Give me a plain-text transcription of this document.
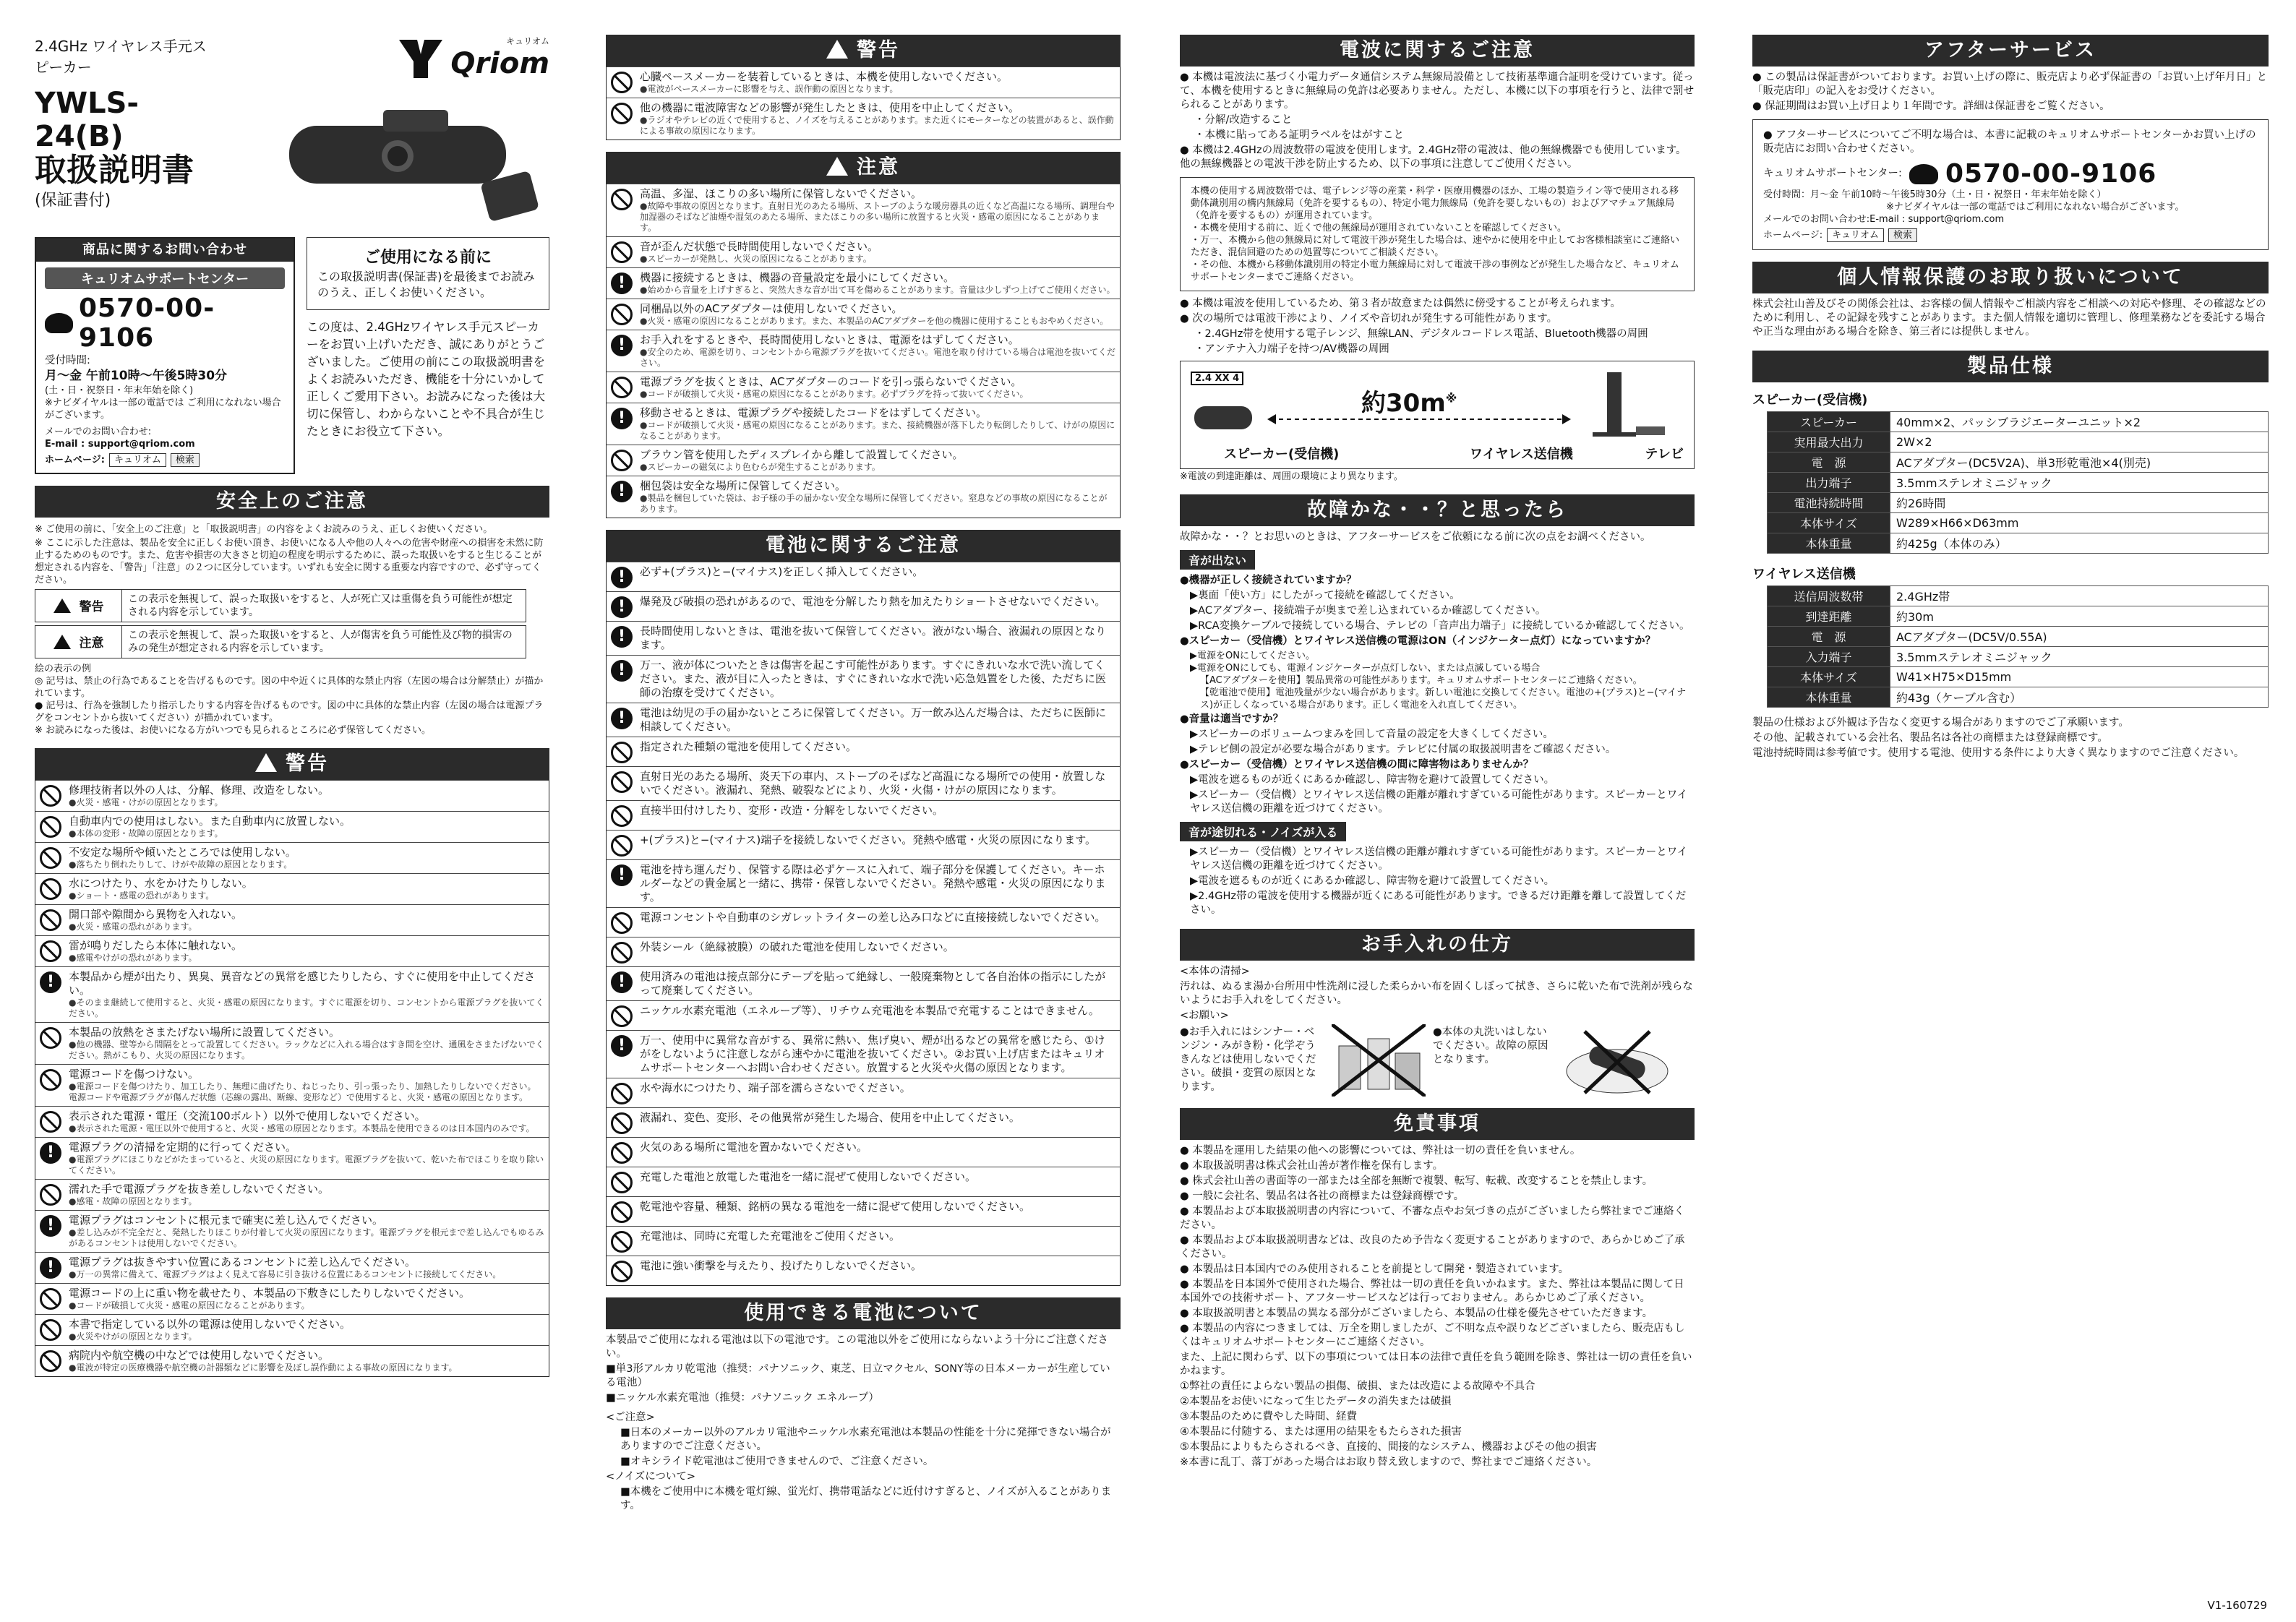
2.4GHz ワイヤレス手元スピーカー
YWLS-24(B)
取扱説明書
(保証書付)
キュリオム
Qriom

商品に関するお問い合わせ
キュリオムサポートセンター
0570-00-9106
受付時間:
月～金 午前10時～午後5時30分
(土・日・祝祭日・年末年始を除く)
※ナビダイヤルは一部の電話では ご利用になれない場合がございます。
メールでのお問い合わせ:
E-mail : support@qriom.com
ホームページ:	キュリオム	検索
ご使用になる前に
この取扱説明書(保証書)を最後までお読みのうえ、正しくお使いください。
この度は、2.4GHzワイヤレス手元スピーカーをお買い上げいただき、誠にありがとうございました。ご使用の前にこの取扱説明書をよくお読みいただき、機能を十分にいかして正しくご愛用下さい。お読みになった後は大切に保管し、わからないことや不具合が生じたときにお役立て下さい。
安全上のご注意
※ ご使用の前に、「安全上のご注意」と「取扱説明書」の内容をよくお読みのうえ、正しくお使いください。
※ ここに示した注意は、製品を安全に正しくお使い頂き、お使いになる人や他の人々への危害や財産への損害を未然に防止するためのものです。また、危害や損害の大きさと切迫の程度を明示するために、誤った取扱いをすると生じることが想定される内容を、「警告」「注意」の２つに区分しています。いずれも安全に関する重要な内容ですので、必ず守ってください。
警告
この表示を無視して、誤った取扱いをすると、人が死亡又は重傷を負う可能性が想定される内容を示しています。
注意
この表示を無視して、誤った取扱いをすると、人が傷害を負う可能性及び物的損害のみの発生が想定される内容を示しています。
絵の表示の例
◎ 記号は、禁止の行為であることを告げるものです。図の中や近くに具体的な禁止内容（左図の場合は分解禁止）が描かれています。
● 記号は、行為を強制したり指示したりする内容を告げるものです。図の中に具体的な禁止内容（左図の場合は電源プラグをコンセントから抜いてください）が描かれています。
※ お読みになった後は、お使いになる方がいつでも見られるところに必ず保管してください。
警告
修理技術者以外の人は、分解、修理、改造をしない。
●火災・感電・けがの原因となります。
自動車内での使用はしない。また自動車内に放置しない。
●本体の変形・故障の原因となります。
不安定な場所や傾いたところでは使用しない。
●落ちたり倒れたりして、けがや故障の原因となります。
水につけたり、水をかけたりしない。
●ショート・感電の恐れがあります。
開口部や隙間から異物を入れない。
●火災・感電の恐れがあります。
雷が鳴りだしたら本体に触れない。
●感電やけがの恐れがあります。
!
本製品から煙が出たり、異臭、異音などの異常を感じたりしたら、すぐに使用を中止してください。
●そのまま継続して使用すると、火災・感電の原因になります。すぐに電源を切り、コンセントから電源プラグを抜いてください。
本製品の放熱をさまたげない場所に設置してください。
●他の機器、壁等から間隔をとって設置してください。ラックなどに入れる場合はすき間を空け、通風をさまたげないでください。熱がこもり、火災の原因になります。
電源コードを傷つけない。
●電源コードを傷つけたり、加工したり、無理に曲げたり、ねじったり、引っ張ったり、加熱したりしないでください。電源コードや電源プラグが傷んだ状態（芯線の露出、断線、変形など）で使用すると、火災・感電の原因となります。
表示された電源・電圧（交流100ボルト）以外で使用しないでください。
●表示された電源・電圧以外で使用すると、火災・感電の原因となります。本製品を使用できるのは日本国内のみです。
!
電源プラグの清掃を定期的に行ってください。
●電源プラグにほこりなどがたまっていると、火災の原因になります。電源プラグを抜いて、乾いた布でほこりを取り除いてください。
濡れた手で電源プラグを抜き差ししないでください。
●感電・故障の原因となります。
!
電源プラグはコンセントに根元まで確実に差し込んでください。
●差し込みが不完全だと、発熱したりほこりが付着して火災の原因になります。電源プラグを根元まで差し込んでもゆるみがあるコンセントは使用しないでください。
!
電源プラグは抜きやすい位置にあるコンセントに差し込んでください。
●万一の異常に備えて、電源プラグはよく見えて容易に引き抜ける位置にあるコンセントに接続してください。
電源コードの上に重い物を載せたり、本製品の下敷きにしたりしないでください。
●コードが破損して火災・感電の原因になることがあります。
本書で指定している以外の電源は使用しないでください。
●火災やけがの原因となります。
病院内や航空機の中などでは使用しないでください。
●電波が特定の医療機器や航空機の計器類などに影響を及ぼし誤作動による事故の原因になります。
警告
心臓ペースメーカーを装着しているときは、本機を使用しないでください。
●電波がペースメーカーに影響を与え、誤作動の原因となります。
他の機器に電波障害などの影響が発生したときは、使用を中止してください。
●ラジオやテレビの近くで使用すると、ノイズを与えることがあります。また近くにモーターなどの装置があると、誤作動による事故の原因になります。
注意
高温、多湿、ほこりの多い場所に保管しないでください。
●故障や事故の原因となります。直射日光のあたる場所、ストーブのような暖房器具の近くなど高温になる場所、調理台や加湿器のそばなど油煙や湿気のあたる場所、またほこりの多い場所に放置すると火災・感電の原因になることがあります。
音が歪んだ状態で長時間使用しないでください。
●スピーカーが発熱し、火災の原因になることがあります。
!
機器に接続するときは、機器の音量設定を最小にしてください。
●始めから音量を上げすぎると、突然大きな音が出て耳を傷めることがあります。音量は少しずつ上げてご使用ください。
同梱品以外のACアダプターは使用しないでください。
●火災・感電の原因になることがあります。また、本製品のACアダプターを他の機器に使用することもおやめください。
!
お手入れをするときや、長時間使用しないときは、電源をはずしてください。
●安全のため、電源を切り、コンセントから電源プラグを抜いてください。電池を取り付けている場合は電池を抜いてください。
電源プラグを抜くときは、ACアダプターのコードを引っ張らないでください。
●コードが破損して火災・感電の原因になることがあります。必ずプラグを持って抜いてください。
!
移動させるときは、電源プラグや接続したコードをはずしてください。
●コードが破損して火災・感電の原因になることがあります。また、接続機器が落下したり転倒したりして、けがの原因になることがあります。
ブラウン管を使用したディスプレイから離して設置してください。
●スピーカーの磁気により色むらが発生することがあります。
!
梱包袋は安全な場所に保管してください。
●製品を梱包していた袋は、お子様の手の届かない安全な場所に保管してください。窒息などの事故の原因になることがあります。
電池に関するご注意
!
必ず+(プラス)と−(マイナス)を正しく挿入してください。
!
爆発及び破損の恐れがあるので、電池を分解したり熱を加えたりショートさせないでください。
!
長時間使用しないときは、電池を抜いて保管してください。液がない場合、液漏れの原因となります。
!
万一、液が体についたときは傷害を起こす可能性があります。すぐにきれいな水で洗い流してください。また、液が目に入ったときは、すぐにきれいな水で洗い応急処置をした後、ただちに医師の治療を受けてください。
!
電池は幼児の手の届かないところに保管してください。万一飲み込んだ場合は、ただちに医師に相談してください。
指定された種類の電池を使用してください。
直射日光のあたる場所、炎天下の車内、ストーブのそばなど高温になる場所での使用・放置しないでください。液漏れ、発熱、破裂などにより、火災・火傷・けがの原因になります。
直接半田付けしたり、変形・改造・分解をしないでください。
+(プラス)と−(マイナス)端子を接続しないでください。発熱や感電・火災の原因になります。
!
電池を持ち運んだり、保管する際は必ずケースに入れて、端子部分を保護してください。キーホルダーなどの貴金属と一緒に、携帯・保管しないでください。発熱や感電・火災の原因になります。
電源コンセントや自動車のシガレットライターの差し込み口などに直接接続しないでください。
外装シール（絶縁被膜）の破れた電池を使用しないでください。
!
使用済みの電池は接点部分にテープを貼って絶縁し、一般廃棄物として各自治体の指示にしたがって廃棄してください。
ニッケル水素充電池（エネループ等）、リチウム充電池を本製品で充電することはできません。
!
万一、使用中に異常な音がする、異常に熱い、焦げ臭い、煙が出るなどの異常を感じたら、①けがをしないように注意しながら速やかに電池を抜いてください。②お買い上げ店またはキュリオムサポートセンターへお問い合わせください。放置すると火災や火傷の原因となります。
水や海水につけたり、端子部を濡らさないでください。
液漏れ、変色、変形、その他異常が発生した場合、使用を中止してください。
火気のある場所に電池を置かないでください。
充電した電池と放電した電池を一緒に混ぜて使用しないでください。
乾電池や容量、種類、銘柄の異なる電池を一緒に混ぜて使用しないでください。
充電池は、同時に充電した充電池をご使用ください。
電池に強い衝撃を与えたり、投げたりしないでください。
使用できる電池について
本製品でご使用になれる電池は以下の電池です。この電池以外をご使用にならないよう十分にご注意ください。
■単3形アルカリ乾電池（推奨：パナソニック、東芝、日立マクセル、SONY等の日本メーカーが生産している電池）
■ニッケル水素充電池（推奨：パナソニック エネループ）
<ご注意>
■日本のメーカー以外のアルカリ電池やニッケル水素充電池は本製品の性能を十分に発揮できない場合がありますのでご注意ください。
■オキシライド乾電池はご使用できませんので、ご注意ください。
<ノイズについて>
■本機をご使用中に本機を電灯線、蛍光灯、携帯電話などに近付けすぎると、ノイズが入ることがあります。
電波に関するご注意
● 本機は電波法に基づく小電力データ通信システム無線局設備として技術基準適合証明を受けています。従って、本機を使用するときに無線局の免許は必要ありません。ただし、本機に以下の事項を行うと、法律で罰せられることがあります。
・分解/改造すること
・本機に貼ってある証明ラベルをはがすこと
● 本機は2.4GHzの周波数帯の電波を使用します。2.4GHz帯の電波は、他の無線機器でも使用しています。他の無線機器との電波干渉を防止するため、以下の事項に注意してご使用ください。
本機の使用する周波数帯では、電子レンジ等の産業・科学・医療用機器のほか、工場の製造ライン等で使用される移動体識別用の構内無線局（免許を要するもの）、特定小電力無線局（免許を要しないもの）およびアマチュア無線局（免許を要するもの）が運用されています。
・本機を使用する前に、近くで他の無線局が運用されていないことを確認してください。
・万一、本機から他の無線局に対して電波干渉が発生した場合は、速やかに使用を中止してお客様相談室にご連絡いただき、混信回避のための処置等についてご相談ください。
・その他、本機から移動体識別用の特定小電力無線局に対して電波干渉の事例などが発生した場合など、キュリオムサポートセンターまでご連絡ください。
● 本機は電波を使用しているため、第３者が故意または偶然に傍受することが考えられます。
● 次の場所では電波干渉により、ノイズや音切れが発生する可能性があります。
・2.4GHz帯を使用する電子レンジ、無線LAN、デジタルコードレス電話、Bluetooth機器の周囲
・アンテナ入力端子を持つ/AV機器の周囲
2.4 XX 4
約30m※
スピーカー(受信機)	ワイヤレス送信機	テレビ
※電波の到達距離は、周囲の環境により異なります。
故障かな・・？と思ったら
故障かな・・？とお思いのときは、アフターサービスをご依頼になる前に次の点をお調べください。
音が出ない
●機器が正しく接続されていますか？
▶裏面「使い方」にしたがって接続を確認してください。
▶ACアダプター、接続端子が奥まで差し込まれているか確認してください。
▶RCA変換ケーブルで接続している場合、テレビの「音声出力端子」に接続しているか確認してください。
●スピーカー（受信機）とワイヤレス送信機の電源はON（インジケーター点灯）になっていますか？
▶電源をONにしてください。
▶電源をONにしても、電源インジケーターが点灯しない、または点滅している場合
【ACアダプターを使用】製品異常の可能性があります。キュリオムサポートセンターにご連絡ください。
【乾電池で使用】電池残量が少ない場合があります。新しい電池に交換してください。電池の+(プラス)と−(マイナス)が正しくなっている場合があります。正しく電池を入れ直してください。
●音量は適当ですか？
▶スピーカーのボリュームつまみを回して音量の設定を大きくしてください。
▶テレビ側の設定が必要な場合があります。テレビに付属の取扱説明書をご確認ください。
●スピーカー（受信機）とワイヤレス送信機の間に障害物はありませんか？
▶電波を遮るものが近くにあるか確認し、障害物を避けて設置してください。
▶スピーカー（受信機）とワイヤレス送信機の距離が離れすぎている可能性があります。スピーカーとワイヤレス送信機の距離を近づけてください。
音が途切れる・ノイズが入る
▶スピーカー（受信機）とワイヤレス送信機の距離が離れすぎている可能性があります。スピーカーとワイヤレス送信機の距離を近づけてください。
▶電波を遮るものが近くにあるか確認し、障害物を避けて設置してください。
▶2.4GHz帯の電波を使用する機器が近くにある可能性があります。できるだけ距離を離して設置してください。
お手入れの仕方
<本体の清掃>
汚れは、ぬるま湯か台所用中性洗剤に浸した柔らかい布を固くしぼって拭き、さらに乾いた布で洗剤が残らないようにお手入れをしてください。
<お願い>
●お手入れにはシンナー・ベンジン・みがき粉・化学ぞうきんなどは使用しないでください。破損・変質の原因となります。
●本体の丸洗いはしないでください。故障の原因となります。
免責事項
● 本製品を運用した結果の他への影響については、弊社は一切の責任を負いません。
● 本取扱説明書は株式会社山善が著作権を保有します。
● 株式会社山善の書面等の一部または全部を無断で複製、転写、転載、改変することを禁止します。
● 一般に会社名、製品名は各社の商標または登録商標です。
● 本製品および本取扱説明書の内容について、不審な点やお気づきの点がございましたら弊社までご連絡ください。
● 本製品および本取扱説明書などは、改良のため予告なく変更することがありますので、あらかじめご了承ください。
● 本製品は日本国内でのみ使用されることを前提として開発・製造されています。
● 本製品を日本国外で使用された場合、弊社は一切の責任を負いかねます。また、弊社は本製品に関して日本国外での技術サポート、アフターサービスなどは行っておりません。あらかじめご了承ください。
● 本取扱説明書と本製品の異なる部分がございましたら、本製品の仕様を優先させていただきます。
● 本製品の内容につきましては、万全を期しましたが、ご不明な点や誤りなどございましたら、販売店もしくはキュリオムサポートセンターにご連絡ください。
また、上記に関わらず、以下の事項については日本の法律で責任を負う範囲を除き、弊社は一切の責任を負いかねます。
①弊社の責任によらない製品の損傷、破損、または改造による故障や不具合
②本製品をお使いになって生じたデータの消失または破損
③本製品のために費やした時間、経費
④本製品に付随する、または運用の結果をもたらされた損害
⑤本製品によりもたらされるべき、直接的、間接的なシステム、機器およびその他の損害
※本書に乱丁、落丁があった場合はお取り替え致しますので、弊社までご連絡ください。
アフターサービス
● この製品は保証書がついております。お買い上げの際に、販売店より必ず保証書の「お買い上げ年月日」と「販売店印」の記入をお受けください。
● 保証期間はお買い上げ日より１年間です。詳細は保証書をご覧ください。
● アフターサービスについてご不明な場合は、本書に記載のキュリオムサポートセンターかお買い上げの販売店にお問い合わせください。
キュリオムサポートセンター: 0570-00-9106
受付時間：月～金 午前10時～午後5時30分（土・日・祝祭日・年末年始を除く）
※ナビダイヤルは一部の電話ではご利用になれない場合がございます。
メールでのお問い合わせ:E-mail : support@qriom.com
ホームページ:	キュリオム	検索
個人情報保護のお取り扱いについて
株式会社山善及びその関係会社は、お客様の個人情報やご相談内容をご相談への対応や修理、その確認などのために利用し、その記録を残すことがあります。また個人情報を適切に管理し、修理業務などを委託する場合や正当な理由がある場合を除き、第三者には提供しません。
製品仕様
スピーカー(受信機)
スピーカー	40mm×2、パッシブラジエーターユニット×2
実用最大出力	2W×2
電　源	ACアダプター(DC5V2A)、単3形乾電池×4(別売)
出力端子	3.5mmステレオミニジャック
電池持続時間	約26時間
本体サイズ	W289×H66×D63mm
本体重量	約425g（本体のみ）
ワイヤレス送信機
送信周波数帯	2.4GHz帯
到達距離	約30m
電　源	ACアダプター(DC5V/0.55A)
入力端子	3.5mmステレオミニジャック
本体サイズ	W41×H75×D15mm
本体重量	約43g（ケーブル含む）
製品の仕様および外観は予告なく変更する場合がありますのでご了承願います。
その他、記載されている会社名、製品名は各社の商標または登録商標です。
電池持続時間は参考値です。使用する電池、使用する条件により大きく異なりますのでご注意ください。
V1-160729
